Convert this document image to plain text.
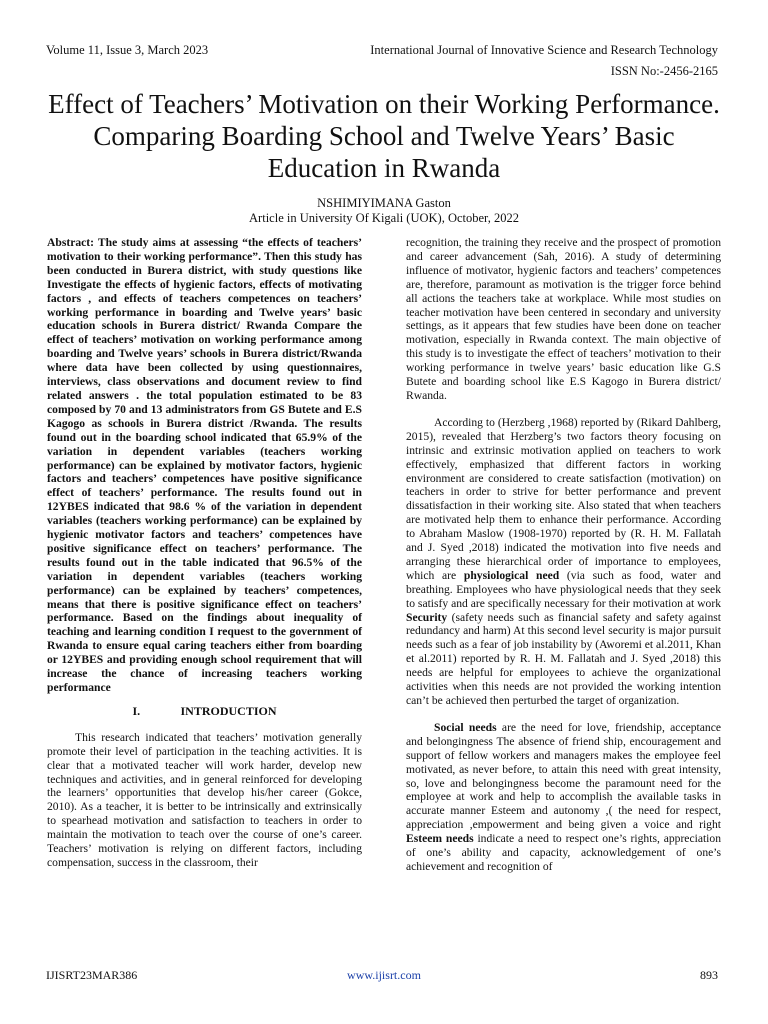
Volume 11, Issue 3, March 2023	International Journal of Innovative Science and Research Technology
ISSN No:-2456-2165
Effect of Teachers’ Motivation on their Working Performance. Comparing Boarding School and Twelve Years’ Basic Education in Rwanda
NSHIMIYIMANA Gaston
Article in University Of Kigali (UOK), October, 2022

Abstract: The study aims at assessing “the effects of teachers’ motivation to their working performance”. Then this study has been conducted in Burera district, with study questions like Investigate the effects of hygienic factors, effects of motivating factors , and effects of teachers competences on teachers’ working performance in boarding and Twelve years’ basic education schools in Burera district/ Rwanda Compare the effect of teachers’ motivation on working performance among boarding and Twelve years’ schools in Burera district/Rwanda where data have been collected by using questionnaires, interviews, class observations and document review to find related answers . the total population estimated to be 83 composed by 70 and 13 administrators from GS Butete and E.S Kagogo as schools in Burera district /Rwanda. The results found out in the boarding school indicated that 65.9% of the variation in dependent variables (teachers working performance) can be explained by motivator factors, hygienic factors and teachers’ competences have positive significance effect of teachers’ performance. The results found out in 12YBES indicated that 98.6 % of the variation in dependent variables (teachers working performance) can be explained by hygienic motivator factors and teachers’ competences have positive significance effect on teachers’ performance. The results found out in the table indicated that 96.5% of the variation in dependent variables (teachers working performance) can be explained by teachers’ competences, means that there is positive significance effect on teachers’ performance. Based on the findings about inequality of teaching and learning condition I request to the government of Rwanda to ensure equal caring teachers either from boarding or 12YBES and providing enough school requirement that will increase the chance of increasing teachers working performance

I.	INTRODUCTION

This research indicated that teachers’ motivation generally promote their level of participation in the teaching activities. It is clear that a motivated teacher will work harder, develop new techniques and activities, and in general reinforced for developing the learners’ opportunities that develop his/her career (Gokce, 2010). As a teacher, it is better to be intrinsically and extrinsically to spearhead motivation and satisfaction to teachers in order to maintain the motivation to teach over the course of one’s career. Teachers’ motivation is relying on different factors, including compensation, success in the classroom, their

recognition, the training they receive and the prospect of promotion and career advancement (Sah, 2016). A study of determining influence of motivator, hygienic factors and teachers’ competences are, therefore, paramount as motivation is the trigger force behind all actions the teachers take at workplace. While most studies on teacher motivation have been centered in secondary and university settings, as it appears that few studies have been done on teacher motivation, especially in Rwanda context. The main objective of this study is to investigate the effect of teachers’ motivation to their working performance in twelve years’ basic education like G.S Butete and boarding school like E.S Kagogo in Burera district/ Rwanda.

According to (Herzberg ,1968) reported by (Rikard Dahlberg, 2015), revealed that Herzberg’s two factors theory focusing on intrinsic and extrinsic motivation applied on teachers to work effectively, emphasized that different factors in working environment are considered to create satisfaction (motivation) on teachers in order to strive for better performance and prevent dissatisfaction in their working site. Also stated that when teachers are motivated help them to enhance their performance. According to Abraham Maslow (1908-1970) reported by (R. H. M. Fallatah and J. Syed ,2018) indicated the motivation into five needs and arranging these hierarchical order of importance to employees, which are physiological need (via such as food, water and breathing. Employees who have physiological needs that they seek to satisfy and are specifically necessary for their motivation at work Security (safety needs such as financial safety and safety against redundancy and harm) At this second level security is major pursuit needs such as a fear of job instability by (Aworemi et al.2011, Khan et al.2011) reported by R. H. M. Fallatah and J. Syed ,2018) this needs are helpful for employees to achieve the organizational activities when this needs are not provided the working intention can’t be achieved then perturbed the target of organization.

Social needs are the need for love, friendship, acceptance and belongingness The absence of friend ship, encouragement and support of fellow workers and managers makes the employee feel motivated, as never before, to attain this need with great intensity, so, love and belongingness become the paramount need for the employee at work and help to accomplish the available tasks in accurate manner Esteem and autonomy ,( the need for respect, appreciation ,empowerment and being given a voice and right Esteem needs indicate a need to respect one’s rights, appreciation of one’s ability and capacity, acknowledgement of one’s achievement and recognition of

IJISRT23MAR386	www.ijisrt.com	893
